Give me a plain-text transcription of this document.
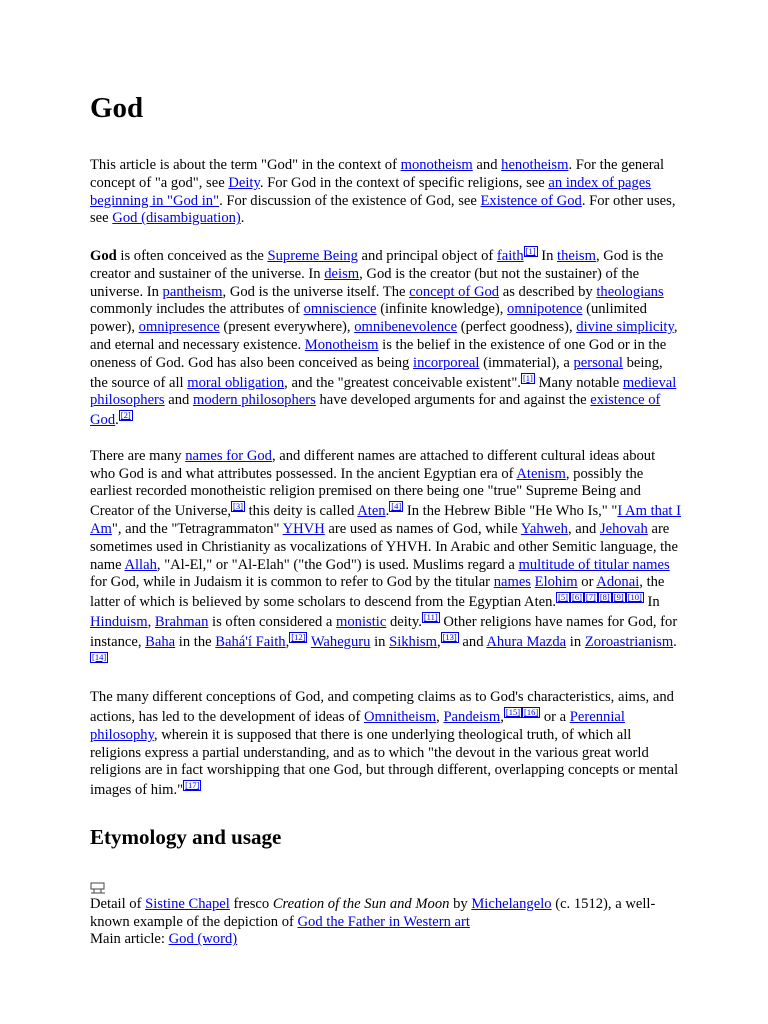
God

This article is about the term "God" in the context of monotheism and henotheism. For the general concept of "a god", see Deity. For God in the context of specific religions, see an index of pages beginning in "God in". For discussion of the existence of God, see Existence of God. For other uses, see God (disambiguation).

God is often conceived as the Supreme Being and principal object of faith [1] In theism, God is the creator and sustainer of the universe. In deism, God is the creator (but not the sustainer) of the universe. In pantheism, God is the universe itself. The concept of God as described by theologians commonly includes the attributes of omniscience (infinite knowledge), omnipotence (unlimited power), omnipresence (present everywhere), omnibenevolence (perfect goodness), divine simplicity, and eternal and necessary existence. Monotheism is the belief in the existence of one God or in the oneness of God. God has also been conceived as being incorporeal (immaterial), a personal being, the source of all moral obligation, and the "greatest conceivable existent". [1] Many notable medieval philosophers and modern philosophers have developed arguments for and against the existence of God. [2]

There are many names for God, and different names are attached to different cultural ideas about who God is and what attributes possessed. In the ancient Egyptian era of Atenism, possibly the earliest recorded monotheistic religion premised on there being one "true" Supreme Being and Creator of the Universe, [3] this deity is called Aten. [4] In the Hebrew Bible "He Who Is," "I Am that I Am", and the "Tetragrammaton" YHVH are used as names of God, while Yahweh, and Jehovah are sometimes used in Christianity as vocalizations of YHVH. In Arabic and other Semitic language, the name Allah, "Al-El," or "Al-Elah" ("the God") is used. Muslims regard a multitude of titular names for God, while in Judaism it is common to refer to God by the titular names Elohim or Adonai, the latter of which is believed by some scholars to descend from the Egyptian Aten. [5] [6] [7] [8] [9] [10] In Hinduism, Brahman is often considered a monistic deity. [11] Other religions have names for God, for instance, Baha in the Bahá'í Faith, [12] Waheguru in Sikhism, [13] and Ahura Mazda in Zoroastrianism.[14]

The many different conceptions of God, and competing claims as to God's characteristics, aims, and actions, has led to the development of ideas of Omnitheism, Pandeism, [15] [16] or a Perennial philosophy, wherein it is supposed that there is one underlying theological truth, of which all religions express a partial understanding, and as to which "the devout in the various great world religions are in fact worshipping that one God, but through different, overlapping concepts or mental images of him." [17]

Etymology and usage
Detail of Sistine Chapel fresco Creation of the Sun and Moon by Michelangelo (c. 1512), a well-known example of the depiction of God the Father in Western art
Main article: God (word)
